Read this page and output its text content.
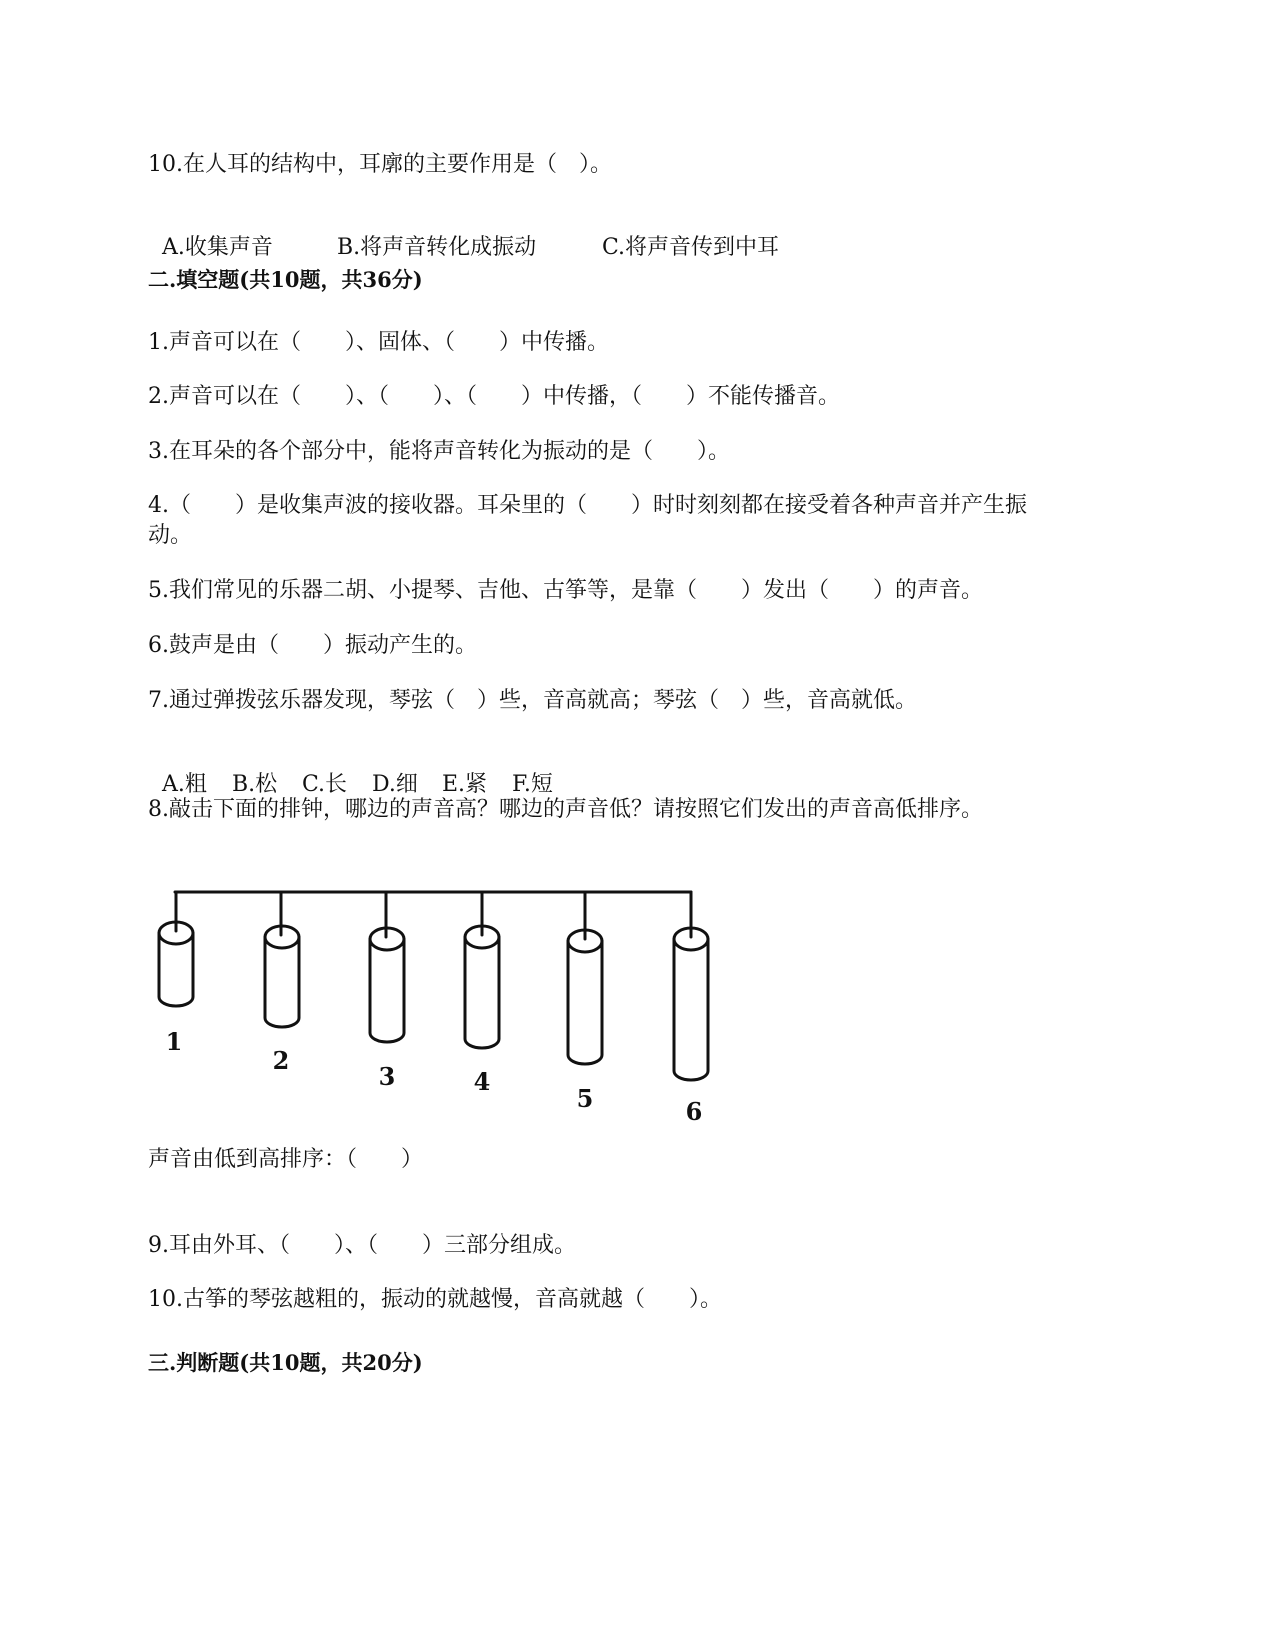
10.在人耳的结构中，耳廓的主要作用是（　）。

A.收集声音	B.将声音转化成振动	C.将声音传到中耳

二.填空题(共10题，共36分)
1.声音可以在（　　）、固体、（　　）中传播。
2.声音可以在（　　）、（　　）、（　　）中传播，（　　）不能传播音。
3.在耳朵的各个部分中，能将声音转化为振动的是（　　）。
4.（　　）是收集声波的接收器。耳朵里的（　　）时时刻刻都在接受着各种声音并产生振
动。
5.我们常见的乐器二胡、小提琴、吉他、古筝等，是靠（　　）发出（　　）的声音。
6.鼓声是由（　　）振动产生的。
7.通过弹拨弦乐器发现，琴弦（　）些，音高就高；琴弦（　）些，音高就低。

A.粗 B.松 C.长 D.细 E.紧 F.短

8.敲击下面的排钟，哪边的声音高？哪边的声音低？请按照它们发出的声音高低排序。
1
2
3	4
5	6
声音由低到高排序：（　　）
9.耳由外耳、（　　）、（　　）三部分组成。
10.古筝的琴弦越粗的，振动的就越慢，音高就越（　　）。
三.判断题(共10题，共20分)
